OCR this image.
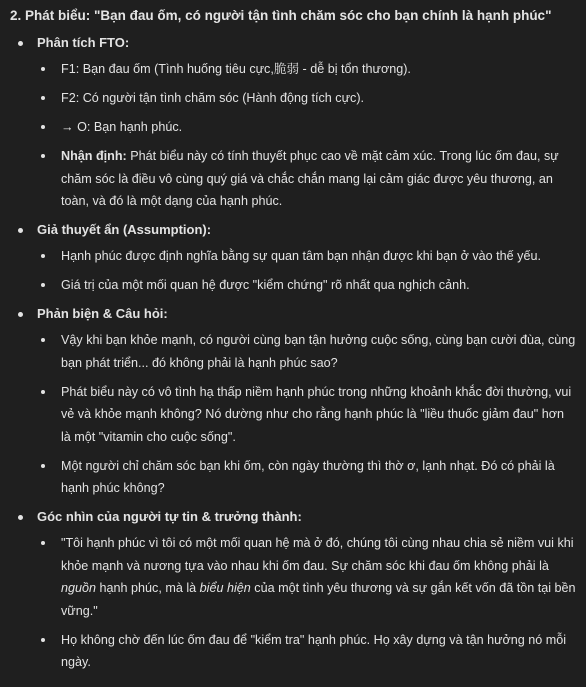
2. Phát biểu: "Bạn đau ốm, có người tận tình chăm sóc cho bạn chính là hạnh phúc"
Phân tích FTO:
F1: Bạn đau ốm (Tình huống tiêu cực,脆弱 - dễ bị tổn thương).
F2: Có người tận tình chăm sóc (Hành động tích cực).
→ O: Bạn hạnh phúc.
Nhận định: Phát biểu này có tính thuyết phục cao về mặt cảm xúc. Trong lúc ốm đau, sự chăm sóc là điều vô cùng quý giá và chắc chắn mang lại cảm giác được yêu thương, an toàn, và đó là một dạng của hạnh phúc.
Giả thuyết ẩn (Assumption):
Hạnh phúc được định nghĩa bằng sự quan tâm bạn nhận được khi bạn ở vào thế yếu.
Giá trị của một mối quan hệ được "kiểm chứng" rõ nhất qua nghịch cảnh.
Phản biện & Câu hỏi:
Vậy khi bạn khỏe mạnh, có người cùng bạn tận hưởng cuộc sống, cùng bạn cười đùa, cùng bạn phát triển... đó không phải là hạnh phúc sao?
Phát biểu này có vô tình hạ thấp niềm hạnh phúc trong những khoảnh khắc đời thường, vui vẻ và khỏe mạnh không? Nó dường như cho rằng hạnh phúc là "liều thuốc giảm đau" hơn là một "vitamin cho cuộc sống".
Một người chỉ chăm sóc bạn khi ốm, còn ngày thường thì thờ ơ, lạnh nhạt. Đó có phải là hạnh phúc không?
Góc nhìn của người tự tin & trưởng thành:
"Tôi hạnh phúc vì tôi có một mối quan hệ mà ở đó, chúng tôi cùng nhau chia sẻ niềm vui khi khỏe mạnh và nương tựa vào nhau khi ốm đau. Sự chăm sóc khi đau ốm không phải là nguồn hạnh phúc, mà là biểu hiện của một tình yêu thương và sự gắn kết vốn đã tồn tại bền vững."
Họ không chờ đến lúc ốm đau để "kiểm tra" hạnh phúc. Họ xây dựng và tận hưởng nó mỗi ngày.
